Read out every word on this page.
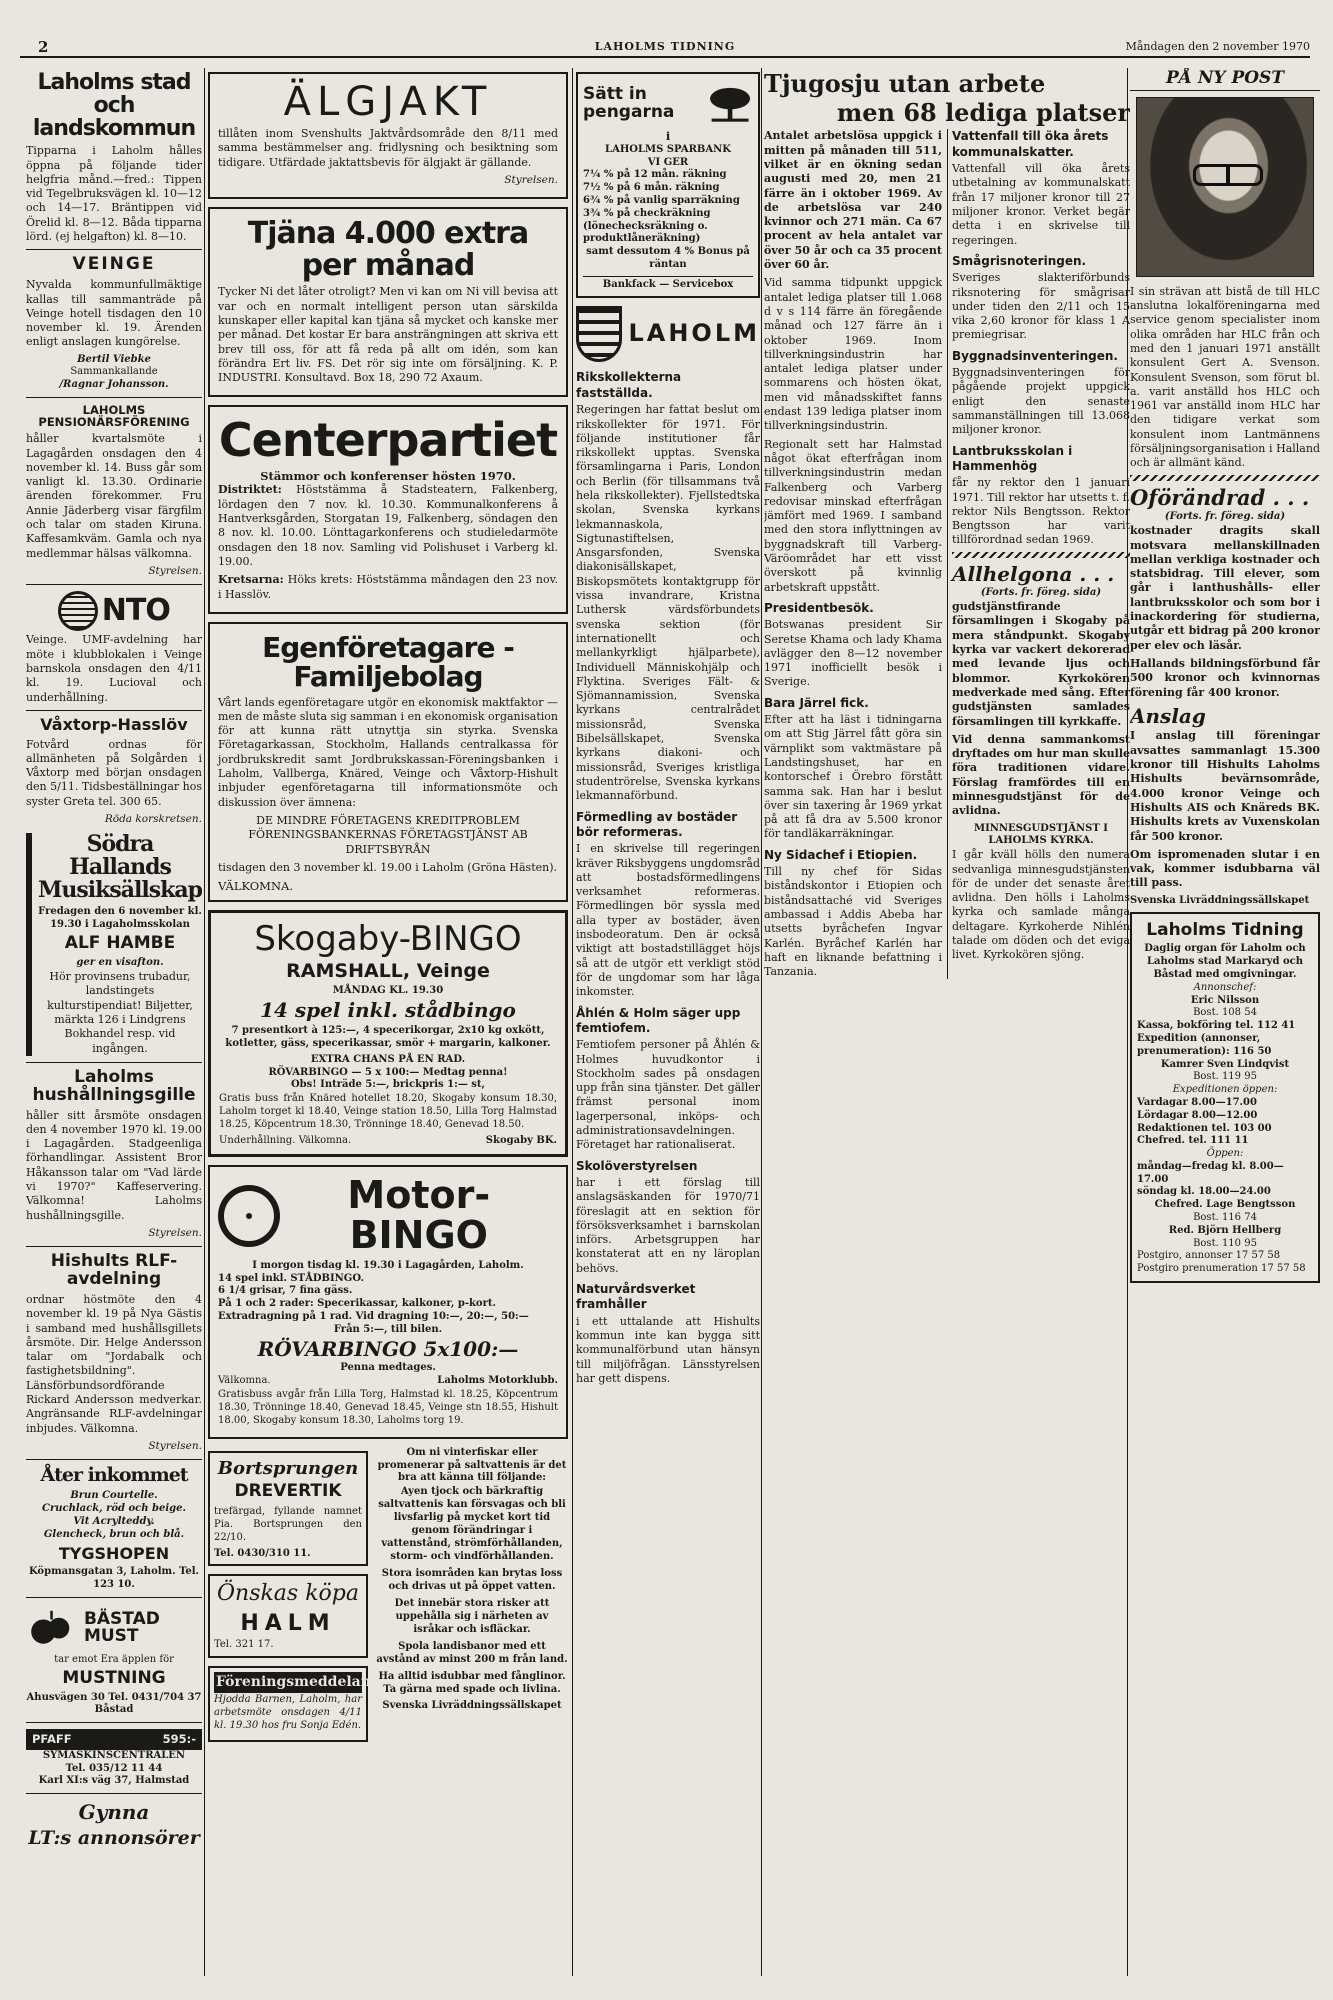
2	LAHOLMS TIDNING	Måndagen den 2 november 1970
Laholms stad och landskommun

Tipparna i Laholm hålles öppna på följande tider helgfria månd.—fred.: Tippen vid Tegelbruksvägen kl. 10—12 och 14—17. Bräntippen vid Örelid kl. 8—12. Båda tipparna lörd. (ej helgafton) kl. 8—10.

VEINGE

Nyvalda kommunfullmäktige kallas till sammanträde på Veinge hotell tisdagen den 10 november kl. 19. Ärenden enligt anslagen kungörelse.

Bertil Viebke
Sammankallande
/Ragnar Johansson.
LAHOLMS PENSIONÄRSFÖRENING

håller kvartalsmöte i Lagagården onsdagen den 4 november kl. 14. Buss går som vanligt kl. 13.30. Ordinarie ärenden förekommer. Fru Annie Jäderberg visar färgfilm och talar om staden Kiruna. Kaffesamkväm. Gamla och nya medlemmar hälsas välkomna.

Styrelsen.
NTO

Veinge. UMF-avdelning har möte i klubblokalen i Veinge barnskola onsdagen den 4/11 kl. 19. Lucioval och underhållning.

Våxtorp-Hasslöv

Fotvård ordnas för allmänheten på Solgården i Våxtorp med början onsdagen den 5/11. Tidsbeställningar hos syster Greta tel. 300 65.

Röda korskretsen.
Södra Hallands Musiksällskap
Fredagen den 6 november kl. 19.30 i Lagaholmsskolan
ALF HAMBE
ger en visafton.

Hör provinsens trubadur, landstingets kulturstipendiat! Biljetter, märkta 126 i Lindgrens Bokhandel resp. vid ingången.

Laholms hushållningsgille

håller sitt årsmöte onsdagen den 4 november 1970 kl. 19.00 i Lagagården. Stadgeenliga förhandlingar. Assistent Bror Håkansson talar om "Vad lärde vi 1970?" Kaffeservering. Välkomna! Laholms hushållningsgille.

Styrelsen.
Hishults RLF-avdelning

ordnar höstmöte den 4 november kl. 19 på Nya Gästis i samband med hushållsgillets årsmöte. Dir. Helge Andersson talar om "Jordabalk och fastighetsbildning". Länsförbundsordförande Rickard Andersson medverkar. Angränsande RLF-avdelningar inbjudes. Välkomna.

Styrelsen.
Åter inkommet
Brun Courtelle.
Cruchlack, röd och beige.
Vit Acrylteddy.
Glencheck, brun och blå.
TYGSHOPEN
Köpmansgatan 3, Laholm. Tel. 123 10.
BÄSTAD MUST
tar emot Era äpplen för
MUSTNING
Ahusvägen 30 Tel. 0431/704 37 Båstad
PFAFF	595:-
SYMASKINSCENTRALEN
Tel. 035/12 11 44
Karl XI:s väg 37, Halmstad
Gynna
LT:s annonsörer
ÄLGJAKT

tillåten inom Svenshults Jaktvårdsområde den 8/11 med samma bestämmelser ang. fridlysning och besiktning som tidigare. Utfärdade jaktattsbevis för älgjakt är gällande.

Styrelsen.
Tjäna 4.000 extra per månad

Tycker Ni det låter otroligt? Men vi kan om Ni vill bevisa att var och en normalt intelligent person utan särskilda kunskaper eller kapital kan tjäna så mycket och kanske mer per månad. Det kostar Er bara ansträngningen att skriva ett brev till oss, för att få reda på allt om idén, som kan förändra Ert liv. FS. Det rör sig inte om försäljning. K. P. INDUSTRI. Konsultavd. Box 18, 290 72 Axaum.

Centerpartiet
Stämmor och konferenser hösten 1970.

Distriktet: Höststämma å Stadsteatern, Falkenberg, lördagen den 7 nov. kl. 10.30. Kommunalkonferens å Hantverksgården, Storgatan 19, Falkenberg, söndagen den 8 nov. kl. 10.00. Lönttagarkonferens och studieledarmöte onsdagen den 18 nov. Samling vid Polishuset i Varberg kl. 19.00.

Kretsarna: Höks krets: Höststämma måndagen den 23 nov. i Hasslöv.

Egenföretagare - Familjebolag

Vårt lands egenföretagare utgör en ekonomisk maktfaktor — men de måste sluta sig samman i en ekonomisk organisation för att kunna rätt utnyttja sin styrka. Svenska Företagarkassan, Stockholm, Hallands centralkassa för jordbrukskredit samt Jordbrukskassan-Föreningsbanken i Laholm, Vallberga, Knäred, Veinge och Våxtorp-Hishult inbjuder egenföretagarna till informationsmöte och diskussion över ämnena:

DE MINDRE FÖRETAGENS KREDITPROBLEM FÖRENINGSBANKERNAS FÖRETAGSTJÄNST AB DRIFTSBYRÅN

tisdagen den 3 november kl. 19.00 i Laholm (Gröna Hästen).

VÄLKOMNA.
Skogaby-BINGO
RAMSHALL, Veinge
MÅNDAG KL. 19.30
14 spel inkl. stådbingo

7 presentkort à 125:—, 4 specerikorgar, 2x10 kg oxkött, kotletter, gäss, specerikassar, smör + margarin, kalkoner.

EXTRA CHANS PÅ EN RAD.
RÖVARBINGO — 5 x 100:— Medtag penna!
Obs! Inträde 5:—, brickpris 1:— st,

Gratis buss från Knäred hotellet 18.20, Skogaby konsum 18.30, Laholm torget kl 18.40, Veinge station 18.50, Lilla Torg Halmstad 18.25, Köpcentrum 18.30, Trönninge 18.40, Genevad 18.50.

Underhållning. Välkomna.	Skogaby BK.
Motor-BINGO
I morgon tisdag kl. 19.30 i Lagagården, Laholm.
14 spel inkl. STÅDBINGO.
6 1/4 grisar, 7 fina gäss.
På 1 och 2 rader: Specerikassar, kalkoner, p-kort.
Extradragning på 1 rad. Vid dragning 10:—, 20:—, 50:—
Från 5:—, till bilen.
RÖVARBINGO 5x100:—
Penna medtages.
Välkomna.	Laholms Motorklubb.

Gratisbuss avgår från Lilla Torg, Halmstad kl. 18.25, Köpcentrum 18.30, Trönninge 18.40, Genevad 18.45, Veinge stn 18.55, Hishult 18.00, Skogaby konsum 18.30, Laholms torg 19.

Bortsprungen
DREVERTIK

trefärgad, fyllande namnet Pia. Bortsprungen den 22/10.

Tel. 0430/310 11.
Önskas köpa
HALM
Tel. 321 17.
Föreningsmeddelanden

Hjodda Barnen, Laholm, har arbetsmöte onsdagen 4/11 kl. 19.30 hos fru Sonja Edén.

Om ni vinterfiskar eller promenerar på saltvattenis är det bra att känna till följande:

Ayen tjock och bärkraftig saltvattenis kan försvagas och bli livsfarlig på mycket kort tid genom förändringar i vattenstånd, strömförhållanden, storm- och vindförhållanden.

Stora isområden kan brytas loss och drivas ut på öppet vatten.

Det innebär stora risker att uppehålla sig i närheten av isråkar och isfläckar.

Spola landisbanor med ett avstånd av minst 200 m från land.

Ha alltid isdubbar med fånglinor. Ta gärna med spade och livlina.

Svenska Livräddningssällskapet
Sätt in pengarna
i
LAHOLMS SPARBANK
VI GER
7¼ % på 12 mån. räkning
7½ % på 6 mån. räkning
6¾ % på vanlig sparräkning
3¾ % på checkräkning (lönechecksräkning o. produktlåneräkning)
samt dessutom 4 % Bonus på räntan
Bankfack — Servicebox
LAHOLM
Rikskollekterna fastställda.

Regeringen har fattat beslut om rikskollekter för 1971. För följande institutioner får rikskollekt upptas. Svenska församlingarna i Paris, London och Berlin (för tillsammans två hela rikskollekter). Fjellstedtska skolan, Svenska kyrkans lekmannaskola, Sigtunastiftelsen, Ansgarsfonden, Svenska diakonisällskapet, Biskopsmötets kontaktgrupp för vissa invandrare, Kristna Luthersk värdsförbundets svenska sektion (för internationellt och mellankyrkligt hjälparbete), Individuell Människohjälp och Flyktina. Sveriges Fält- & Sjömannamission, Svenska kyrkans centralrådet missionsråd, Svenska Bibelsällskapet, Svenska kyrkans diakoni- och missionsråd, Sveriges kristliga studentrörelse, Svenska kyrkans lekmannaförbund.

Förmedling av bostäder bör reformeras.

I en skrivelse till regeringen kräver Riksbyggens ungdomsråd att bostadsförmedlingens verksamhet reformeras. Förmedlingen bör syssla med alla typer av bostäder, även insbodeoratum. Den är också viktigt att bostadstillägget höjs så att de utgör ett verkligt stöd för de ungdomar som har låga inkomster.

Åhlén & Holm säger upp femtiofem.

Femtiofem personer på Åhlén & Holmes huvudkontor i Stockholm sades på onsdagen upp från sina tjänster. Det gäller främst personal inom lagerpersonal, inköps- och administrationsavdelningen. Företaget har rationaliserat.

Skolöverstyrelsen

har i ett förslag till anslagsäskanden för 1970/71 föreslagit att en sektion för försöksverksamhet i barnskolan införs. Arbetsgruppen har konstaterat att en ny läroplan behövs.

Naturvårdsverket framhåller

i ett uttalande att Hishults kommun inte kan bygga sitt kommunalförbund utan hänsyn till miljöfrågan. Länsstyrelsen har gett dispens.

Tjugosju utan arbete
men 68 lediga platser

Antalet arbetslösa uppgick i mitten på månaden till 511, vilket är en ökning sedan augusti med 20, men 21 färre än i oktober 1969. Av de arbetslösa var 240 kvinnor och 271 män. Ca 67 procent av hela antalet var över 50 år och ca 35 procent över 60 år.

Vid samma tidpunkt uppgick antalet lediga platser till 1.068 d v s 114 färre än föregående månad och 127 färre än i oktober 1969. Inom tillverkningsindustrin har antalet lediga platser under sommarens och hösten ökat, men vid månadsskiftet fanns endast 139 lediga platser inom tillverkningsindustrin.

Regionalt sett har Halmstad något ökat efterfrågan inom tillverkningsindustrin medan Falkenberg och Varberg redovisar minskad efterfrågan jämfört med 1969. I samband med den stora inflyttningen av byggnadskraft till Varberg-Väröområdet har ett visst överskott på kvinnlig arbetskraft uppstått.

Presidentbesök.

Botswanas president Sir Seretse Khama och lady Khama avlägger den 8—12 november 1971 inofficiellt besök i Sverige.

Bara Järrel fick.

Efter att ha läst i tidningarna om att Stig Järrel fått göra sin värnplikt som vaktmästare på Landstingshuset, har en kontorschef i Örebro förstått samma sak. Han har i beslut över sin taxering år 1969 yrkat på att få dra av 5.500 kronor för tandläkarräkningar.

Ny Sidachef i Etiopien.

Till ny chef för Sidas biståndskontor i Etiopien och biståndsattaché vid Sveriges ambassad i Addis Abeba har utsetts byråchefen Ingvar Karlén. Byråchef Karlén har haft en liknande befattning i Tanzania.

Vattenfall till öka årets kommunalskatter.

Vattenfall vill öka årets utbetalning av kommunalskatt från 17 miljoner kronor till 27 miljoner kronor. Verket begär detta i en skrivelse till regeringen.

Smågrisnoteringen.

Sveriges slakteriförbunds riksnotering för smågrisar under tiden den 2/11 och 15 vika 2,60 kronor för klass 1 A premiegrisar.

Byggnadsinventeringen.

Byggnadsinventeringen för pågående projekt uppgick enligt den senaste sammanställningen till 13.068 miljoner kronor.

Lantbruksskolan i Hammenhög

får ny rektor den 1 januari 1971. Till rektor har utsetts t. f. rektor Nils Bengtsson. Rektor Bengtsson har varit tillförordnad sedan 1969.

Allhelgona . . .
(Forts. fr. föreg. sida)

gudstjänstfirande församlingen i Skogaby på mera ståndpunkt. Skogaby kyrka var vackert dekorerad med levande ljus och blommor. Kyrkokören medverkade med sång. Efter gudstjänsten samlades församlingen till kyrkkaffe.

Vid denna sammankomst dryftades om hur man skulle föra traditionen vidare. Förslag framfördes till en minnesgudstjänst för de avlidna.

MINNESGUDSTJÄNST I LAHOLMS KYRKA.

I går kväll hölls den numera sedvanliga minnesgudstjänsten för de under det senaste året avlidna. Den hölls i Laholms kyrka och samlade många deltagare. Kyrkoherde Nihlén talade om döden och det eviga livet. Kyrkokören sjöng.

PÅ NY POST

I sin strävan att bistå de till HLC anslutna lokalföreningarna med service genom specialister inom olika områden har HLC från och med den 1 januari 1971 anställt konsulent Gert A. Svenson. Konsulent Svenson, som förut bl. a. varit anställd hos HLC och 1961 var anställd inom HLC har den tidigare verkat som konsulent inom Lantmännens försäljningsorganisation i Halland och är allmänt känd.

Oförändrad . . .
(Forts. fr. föreg. sida)

kostnader dragits skall motsvara mellanskillnaden mellan verkliga kostnader och statsbidrag. Till elever, som går i lanthushålls- eller lantbruksskolor och som bor i inackordering för studierna, utgår ett bidrag på 200 kronor per elev och läsår.

Hallands bildningsförbund får 500 kronor och kvinnornas förening får 400 kronor.

Anslag

I anslag till föreningar avsattes sammanlagt 15.300 kronor till Hishults Laholms Hishults bevärnsområde, 4.000 kronor Veinge och Hishults AIS och Knäreds BK. Hishults krets av Vuxenskolan får 500 kronor.

Om ispromenaden slutar i en vak, kommer isdubbarna väl till pass.

Svenska Livräddningssällskapet
Laholms Tidning
Daglig organ för Laholm och Laholms stad Markaryd och Båstad med omgivningar.
Annonschef:
Eric Nilsson
Bost. 108 54
Kassa, bokföring tel. 112 41
Expedition (annonser, prenumeration): 116 50
Kamrer Sven Lindqvist
Bost. 119 95
Expeditionen öppen:
Vardagar 8.00—17.00
Lördagar 8.00—12.00
Redaktionen tel. 103 00
Chefred. tel. 111 11
Öppen:
måndag—fredag kl. 8.00—17.00
söndag kl. 18.00—24.00
Chefred. Lage Bengtsson
Bost. 116 74
Red. Björn Hellberg
Bost. 110 95
Postgiro, annonser 17 57 58
Postgiro prenumeration 17 57 58
